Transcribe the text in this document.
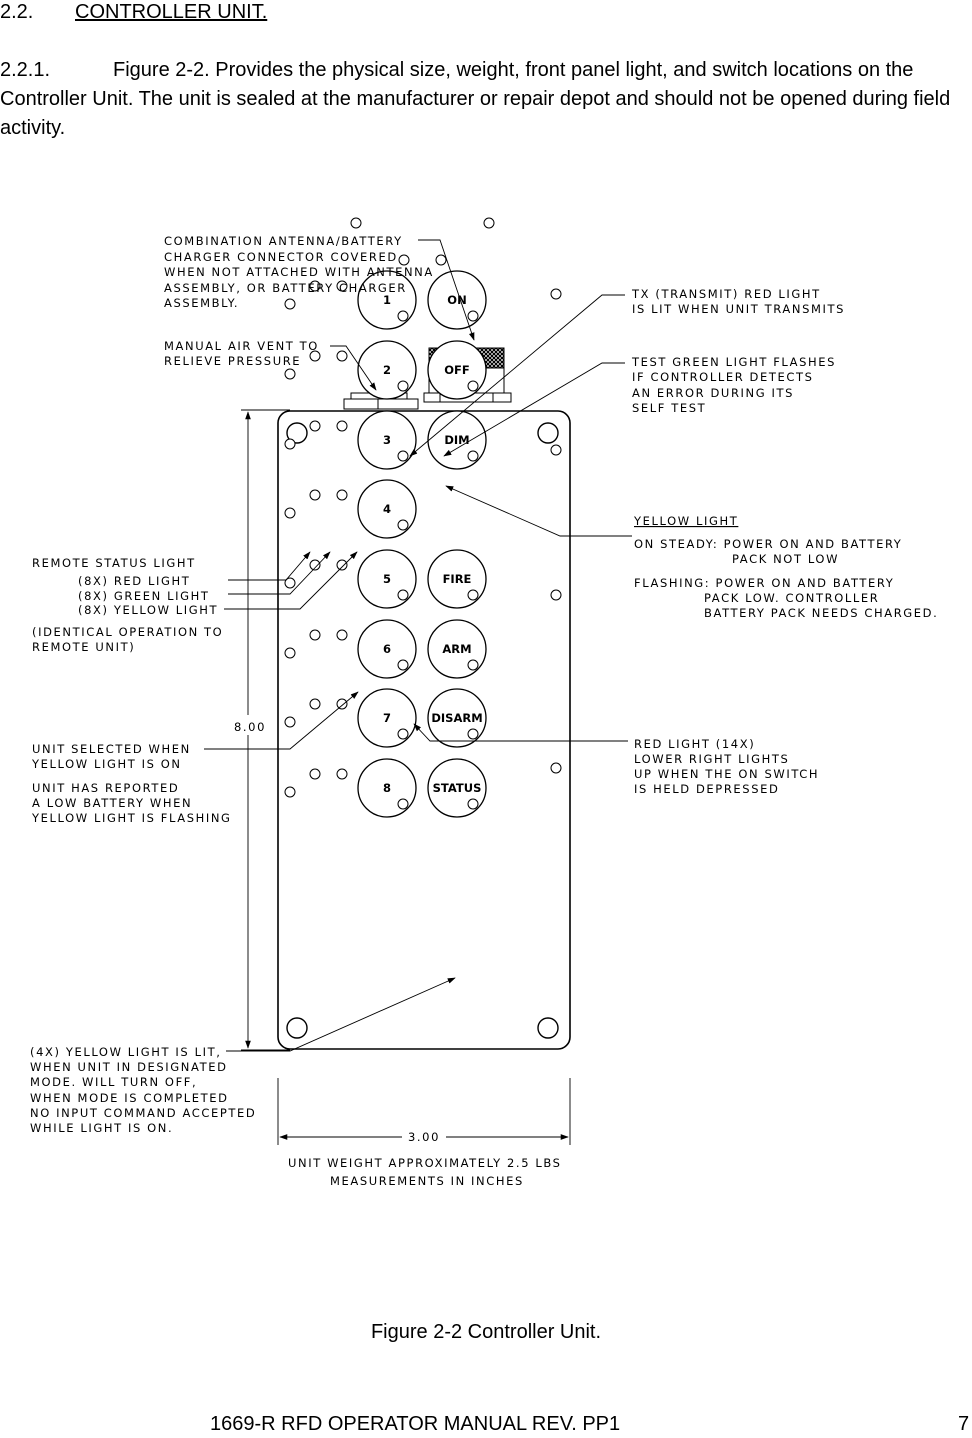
2.2. CONTROLLER UNIT.
2.2.1.	Figure 2-2. Provides the physical size, weight, front panel light, and switch locations on the Controller Unit. The unit is sealed at the manufacturer or repair depot and should not be opened during field activity.
1	ON
2	OFF
3	DIM
4
5	FIRE
6	ARM
7	DISARM
8	STATUS
COMBINATION ANTENNA/BATTERY CHARGER CONNECTOR COVERED WHEN NOT ATTACHED WITH ANTENNA ASSEMBLY, OR BATTERY CHARGER ASSEMBLY.
MANUAL AIR VENT TO RELIEVE PRESSURE
TX (TRANSMIT) RED LIGHT IS LIT WHEN UNIT TRANSMITS
TEST GREEN LIGHT FLASHES IF CONTROLLER DETECTS AN ERROR DURING ITS SELF TEST
YELLOW LIGHT
ON STEADY: POWER ON AND BATTERY PACK NOT LOW FLASHING: POWER ON AND BATTERY PACK LOW. CONTROLLER BATTERY PACK NEEDS CHARGED.
REMOTE STATUS LIGHT (8X) RED LIGHT (8X) GREEN LIGHT (8X) YELLOW LIGHT (IDENTICAL OPERATION TO REMOTE UNIT)
UNIT SELECTED WHEN YELLOW LIGHT IS ON UNIT HAS REPORTED A LOW BATTERY WHEN YELLOW LIGHT IS FLASHING
RED LIGHT (14X) LOWER RIGHT LIGHTS UP WHEN THE ON SWITCH IS HELD DEPRESSED
(4X) YELLOW LIGHT IS LIT, WHEN UNIT IN DESIGNATED MODE. WILL TURN OFF, WHEN MODE IS COMPLETED NO INPUT COMMAND ACCEPTED WHILE LIGHT IS ON.
8.00
3.00
UNIT WEIGHT APPROXIMATELY 2.5 LBS MEASUREMENTS IN INCHES
Figure 2-2 Controller Unit.
1669-R RFD OPERATOR MANUAL REV. PP1	7
